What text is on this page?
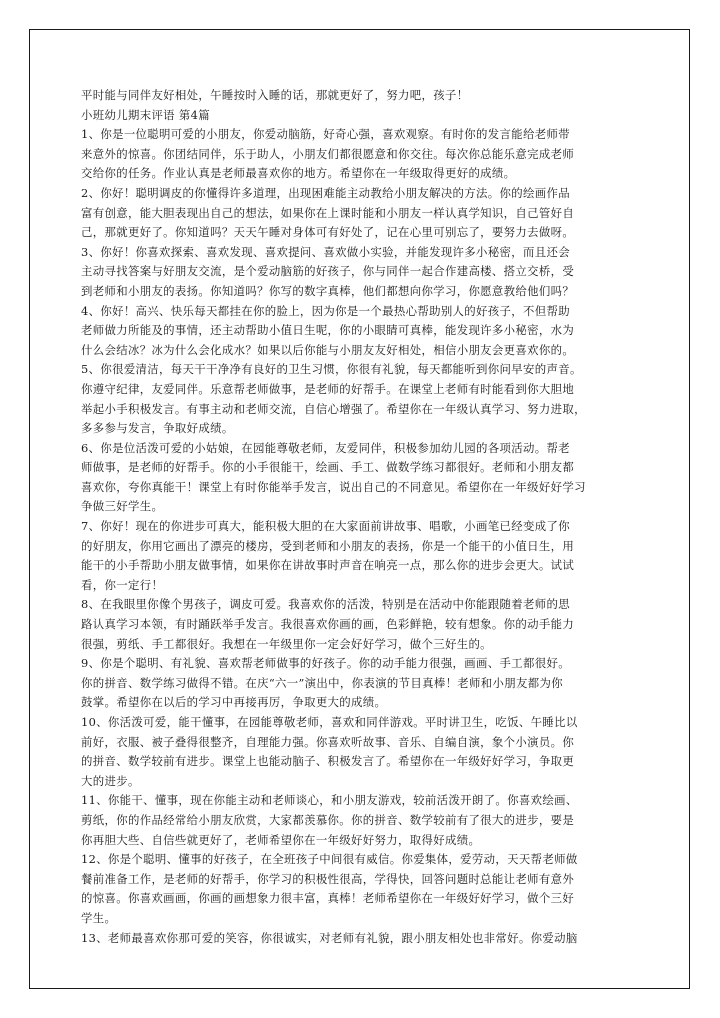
平时能与同伴友好相处，午睡按时入睡的话，那就更好了，努力吧，孩子！
小班幼儿期末评语 第4篇
1、你是一位聪明可爱的小朋友，你爱动脑筋，好奇心强，喜欢观察。有时你的发言能给老师带
来意外的惊喜。你团结同伴，乐于助人，小朋友们都很愿意和你交往。每次你总能乐意完成老师
交给你的任务。作业认真是老师最喜欢你的地方。希望你在一年级取得更好的成绩。
2、你好！聪明调皮的你懂得许多道理，出现困难能主动教给小朋友解决的方法。你的绘画作品
富有创意，能大胆表现出自己的想法，如果你在上课时能和小朋友一样认真学知识，自己管好自
己，那就更好了。你知道吗？天天午睡对身体可有好处了，记在心里可别忘了，要努力去做呀。
3、你好！你喜欢探索、喜欢发现、喜欢提问、喜欢做小实验，并能发现许多小秘密，而且还会
主动寻找答案与好朋友交流，是个爱动脑筋的好孩子，你与同伴一起合作建高楼、搭立交桥，受
到老师和小朋友的表扬。你知道吗？你写的数字真棒，他们都想向你学习，你愿意教给他们吗？
4、你好！高兴、快乐每天都挂在你的脸上，因为你是一个最热心帮助别人的好孩子，不但帮助
老师做力所能及的事情，还主动帮助小值日生呢，你的小眼睛可真棒，能发现许多小秘密，水为
什么会结冰？冰为什么会化成水？如果以后你能与小朋友友好相处，相信小朋友会更喜欢你的。
5、你很爱清洁，每天干干净净有良好的卫生习惯，你很有礼貌，每天都能听到你问早安的声音。
你遵守纪律，友爱同伴。乐意帮老师做事，是老师的好帮手。在课堂上老师有时能看到你大胆地
举起小手积极发言。有事主动和老师交流，自信心增强了。希望你在一年级认真学习、努力进取，
多多参与发言，争取好成绩。
6、你是位活泼可爱的小姑娘，在园能尊敬老师，友爱同伴，积极参加幼儿园的各项活动。帮老
师做事，是老师的好帮手。你的小手很能干，绘画、手工、做数学练习都很好。老师和小朋友都
喜欢你，夸你真能干！课堂上有时你能举手发言，说出自己的不同意见。希望你在一年级好好学习
争做三好学生。
7、你好！现在的你进步可真大，能积极大胆的在大家面前讲故事、唱歌，小画笔已经变成了你
的好朋友，你用它画出了漂亮的楼房，受到老师和小朋友的表扬，你是一个能干的小值日生，用
能干的小手帮助小朋友做事情，如果你在讲故事时声音在响亮一点，那么你的进步会更大。试试
看，你一定行！
8、在我眼里你像个男孩子，调皮可爱。我喜欢你的活泼，特别是在活动中你能跟随着老师的思
路认真学习本领，有时踊跃举手发言。我很喜欢你画的画，色彩鲜艳，较有想象。你的动手能力
很强，剪纸、手工都很好。我想在一年级里你一定会好好学习，做个三好生的。
9、你是个聪明、有礼貌、喜欢帮老师做事的好孩子。你的动手能力很强，画画、手工都很好。
你的拼音、数学练习做得不错。在庆“六一”演出中，你表演的节目真棒！老师和小朋友都为你
鼓掌。希望你在以后的学习中再接再厉，争取更大的成绩。
10、你活泼可爱，能干懂事，在园能尊敬老师，喜欢和同伴游戏。平时讲卫生，吃饭、午睡比以
前好，衣服、被子叠得很整齐，自理能力强。你喜欢听故事、音乐、自编自演，象个小演员。你
的拼音、数学较前有进步。课堂上也能动脑子、积极发言了。希望你在一年级好好学习，争取更
大的进步。
11、你能干、懂事，现在你能主动和老师谈心，和小朋友游戏，较前活泼开朗了。你喜欢绘画、
剪纸，你的作品经常给小朋友欣赏，大家都羡慕你。你的拼音、数学较前有了很大的进步，要是
你再胆大些、自信些就更好了，老师希望你在一年级好好努力，取得好成绩。
12、你是个聪明、懂事的好孩子，在全班孩子中间很有威信。你爱集体，爱劳动，天天帮老师做
餐前准备工作，是老师的好帮手，你学习的积极性很高，学得快，回答问题时总能让老师有意外
的惊喜。你喜欢画画，你画的画想象力很丰富，真棒！老师希望你在一年级好好学习，做个三好
学生。
13、老师最喜欢你那可爱的笑容，你很诚实，对老师有礼貌，跟小朋友相处也非常好。你爱动脑
